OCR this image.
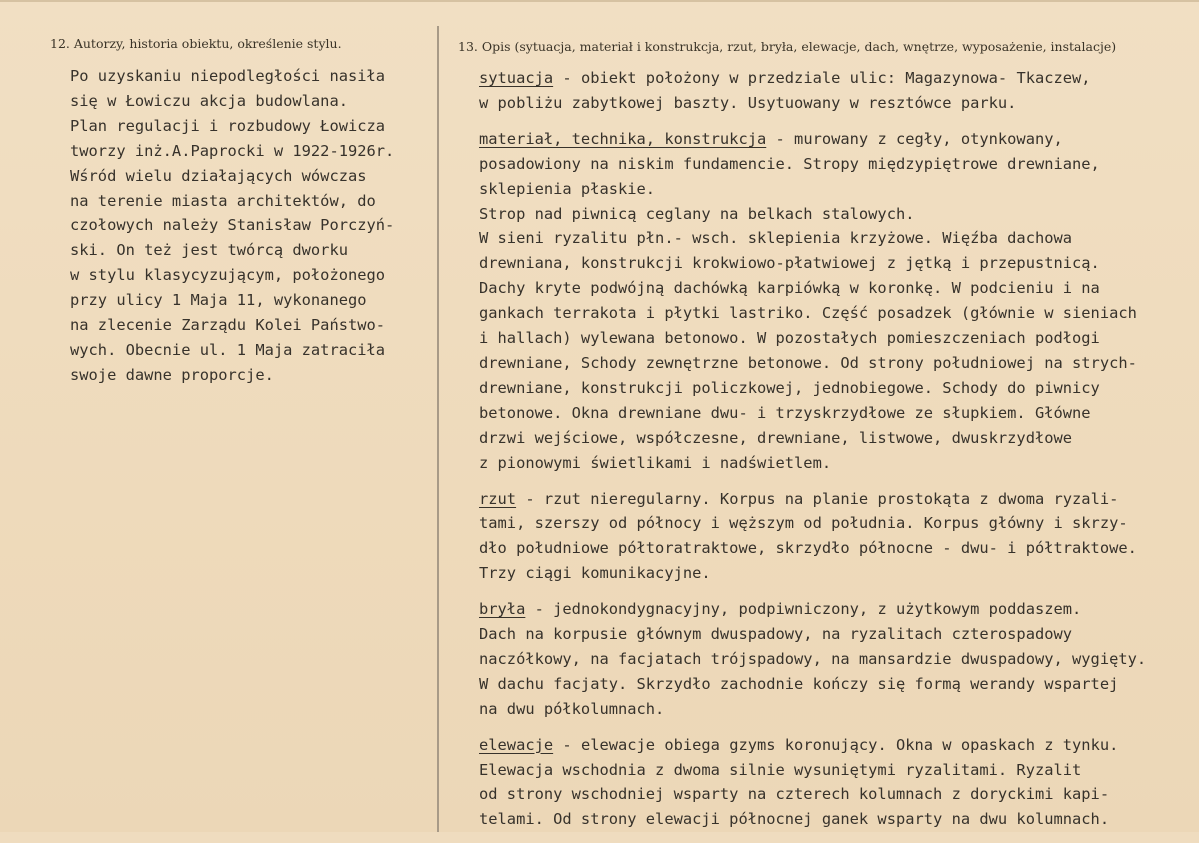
12. Autorzy, historia obiektu, określenie stylu.	13. Opis (sytuacja, materiał i konstrukcja, rzut, bryła, elewacje, dach, wnętrze, wyposażenie, instalacje)
Po uzyskaniu niepodległości nasiła
się w Łowiczu akcja budowlana.
Plan regulacji i rozbudowy Łowicza
tworzy inż.A.Paprocki w 1922-1926r.
Wśród wielu działających wówczas
na terenie miasta architektów, do
czołowych należy Stanisław Porczyń-
ski. On też jest twórcą dworku
w stylu klasycyzującym, położonego
przy ulicy 1 Maja 11, wykonanego
na zlecenie Zarządu Kolei Państwo-
wych. Obecnie ul. 1 Maja zatraciła
swoje dawne proporcje.
sytuacja - obiekt położony w przedziale ulic: Magazynowa- Tkaczew,
w pobliżu zabytkowej baszty. Usytuowany w resztówce parku.
materiał, technika, konstrukcja - murowany z cegły, otynkowany,
posadowiony na niskim fundamencie. Stropy międzypiętrowe drewniane,
sklepienia płaskie.
Strop nad piwnicą ceglany na belkach stalowych.
W sieni ryzalitu płn.- wsch. sklepienia krzyżowe. Więźba dachowa
drewniana, konstrukcji krokwiowo-płatwiowej z jętką i przepustnicą.
Dachy kryte podwójną dachówką karpiówką w koronkę. W podcieniu i na
gankach terrakota i płytki lastriko. Część posadzek (głównie w sieniach
i hallach) wylewana betonowo. W pozostałych pomieszczeniach podłogi
drewniane, Schody zewnętrzne betonowe. Od strony południowej na strych-
drewniane, konstrukcji policzkowej, jednobiegowe. Schody do piwnicy
betonowe. Okna drewniane dwu- i trzyskrzydłowe ze słupkiem. Główne
drzwi wejściowe, współczesne, drewniane, listwowe, dwuskrzydłowe
z pionowymi świetlikami i nadświetlem.
rzut - rzut nieregularny. Korpus na planie prostokąta z dwoma ryzali-
tami, szerszy od północy i węższym od południa. Korpus główny i skrzy-
dło południowe półtoratraktowe, skrzydło północne - dwu- i półtraktowe.
Trzy ciągi komunikacyjne.
bryła - jednokondygnacyjny, podpiwniczony, z użytkowym poddaszem.
Dach na korpusie głównym dwuspadowy, na ryzalitach czterospadowy
naczółkowy, na facjatach trójspadowy, na mansardzie dwuspadowy, wygięty.
W dachu facjaty. Skrzydło zachodnie kończy się formą werandy wspartej
na dwu półkolumnach.
elewacje - elewacje obiega gzyms koronujący. Okna w opaskach z tynku.
Elewacja wschodnia z dwoma silnie wysuniętymi ryzalitami. Ryzalit
od strony wschodniej wsparty na czterech kolumnach z doryckimi kapi-
telami. Od strony elewacji północnej ganek wsparty na dwu kolumnach.
